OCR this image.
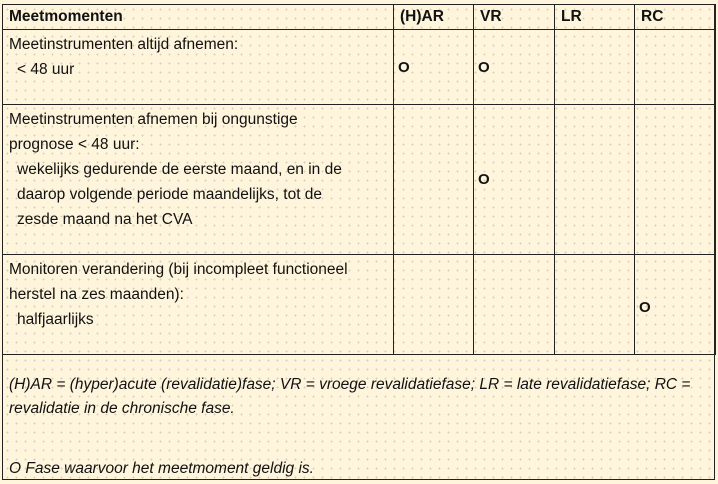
Meetmomenten	(H)AR	VR	LR	RC

Meetinstrumenten altijd afnemen:
< 48 uur	O	O		

Meetinstrumenten afnemen bij ongunstige
prognose < 48 uur:
wekelijks gedurende de eerste maand, en in de
daarop volgende periode maandelijks, tot de
zesde maand na het CVA		O		

Monitoren verandering (bij incompleet functioneel
herstel na zes maanden):
halfjaarlijks				O

(H)AR = (hyper)acute (revalidatie)fase; VR = vroege revalidatiefase; LR = late revalidatiefase; RC = revalidatie in de chronische fase.

O Fase waarvoor het meetmoment geldig is.
